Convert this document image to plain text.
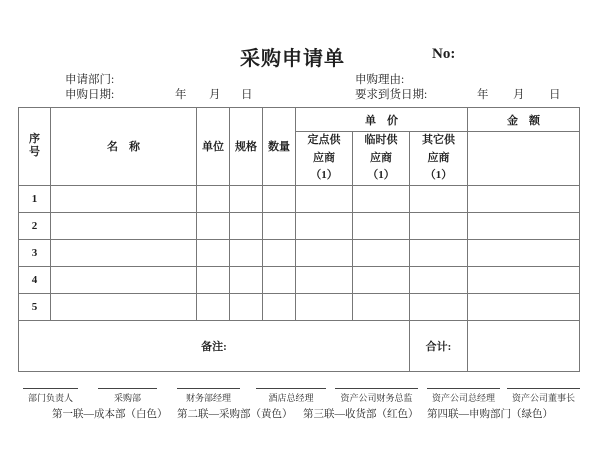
采购申请单	No:
申请部门:	申购理由:
申购日期:	年 月 日	要求到货日期:	年 月 日
序号	名　称	单位	规格	数量	单　价			金　额
					定点供应商（1）	临时供应商（1）	其它供应商（1）	
1								
2								
3								
4								
5								
备注:							合计:	
部门负责人	采购部	财务部经理	酒店总经理	资产公司财务总监	资产公司总经理	资产公司董事长
第一联—成本部（白色） 第二联—采购部（黄色） 第三联—收货部（红色） 第四联—申购部门（绿色）
